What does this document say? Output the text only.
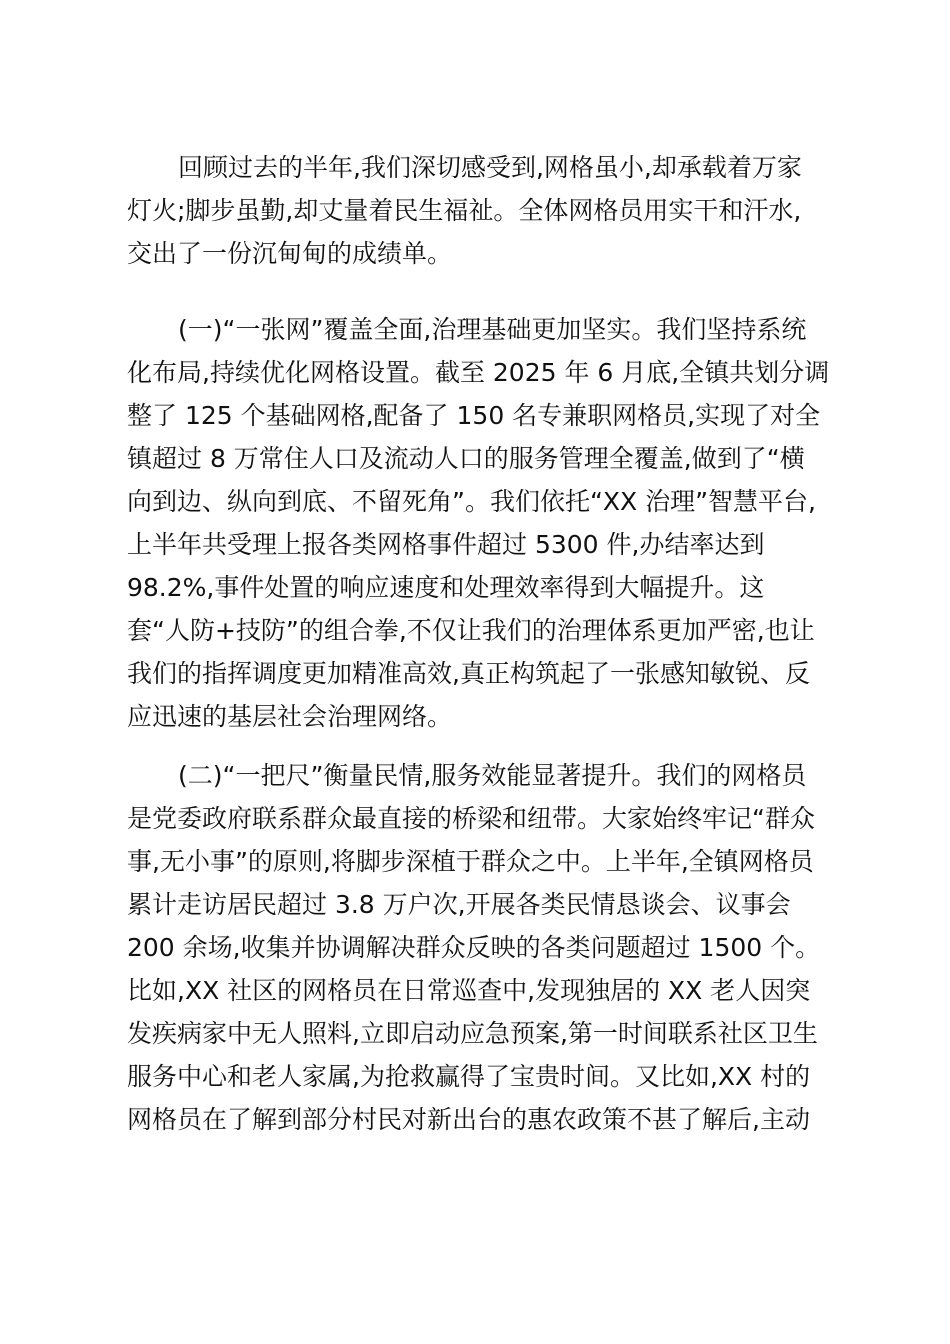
回顾过去的半年,我们深切感受到,网格虽小,却承载着万家
灯火;脚步虽勤,却丈量着民生福祉。全体网格员用实干和汗水,
交出了一份沉甸甸的成绩单。
(一)“一张网”覆盖全面,治理基础更加坚实。我们坚持系统
化布局,持续优化网格设置。截至 2025 年 6 月底,全镇共划分调
整了 125 个基础网格,配备了 150 名专兼职网格员,实现了对全
镇超过 8 万常住人口及流动人口的服务管理全覆盖,做到了“横
向到边、纵向到底、不留死角”。我们依托“XX 治理”智慧平台,
上半年共受理上报各类网格事件超过 5300 件,办结率达到
98.2%,事件处置的响应速度和处理效率得到大幅提升。这
套“人防+技防”的组合拳,不仅让我们的治理体系更加严密,也让
我们的指挥调度更加精准高效,真正构筑起了一张感知敏锐、反
应迅速的基层社会治理网络。
(二)“一把尺”衡量民情,服务效能显著提升。我们的网格员
是党委政府联系群众最直接的桥梁和纽带。大家始终牢记“群众
事,无小事”的原则,将脚步深植于群众之中。上半年,全镇网格员
累计走访居民超过 3.8 万户次,开展各类民情恳谈会、议事会
200 余场,收集并协调解决群众反映的各类问题超过 1500 个。
比如,XX 社区的网格员在日常巡查中,发现独居的 XX 老人因突
发疾病家中无人照料,立即启动应急预案,第一时间联系社区卫生
服务中心和老人家属,为抢救赢得了宝贵时间。又比如,XX 村的
网格员在了解到部分村民对新出台的惠农政策不甚了解后,主动
